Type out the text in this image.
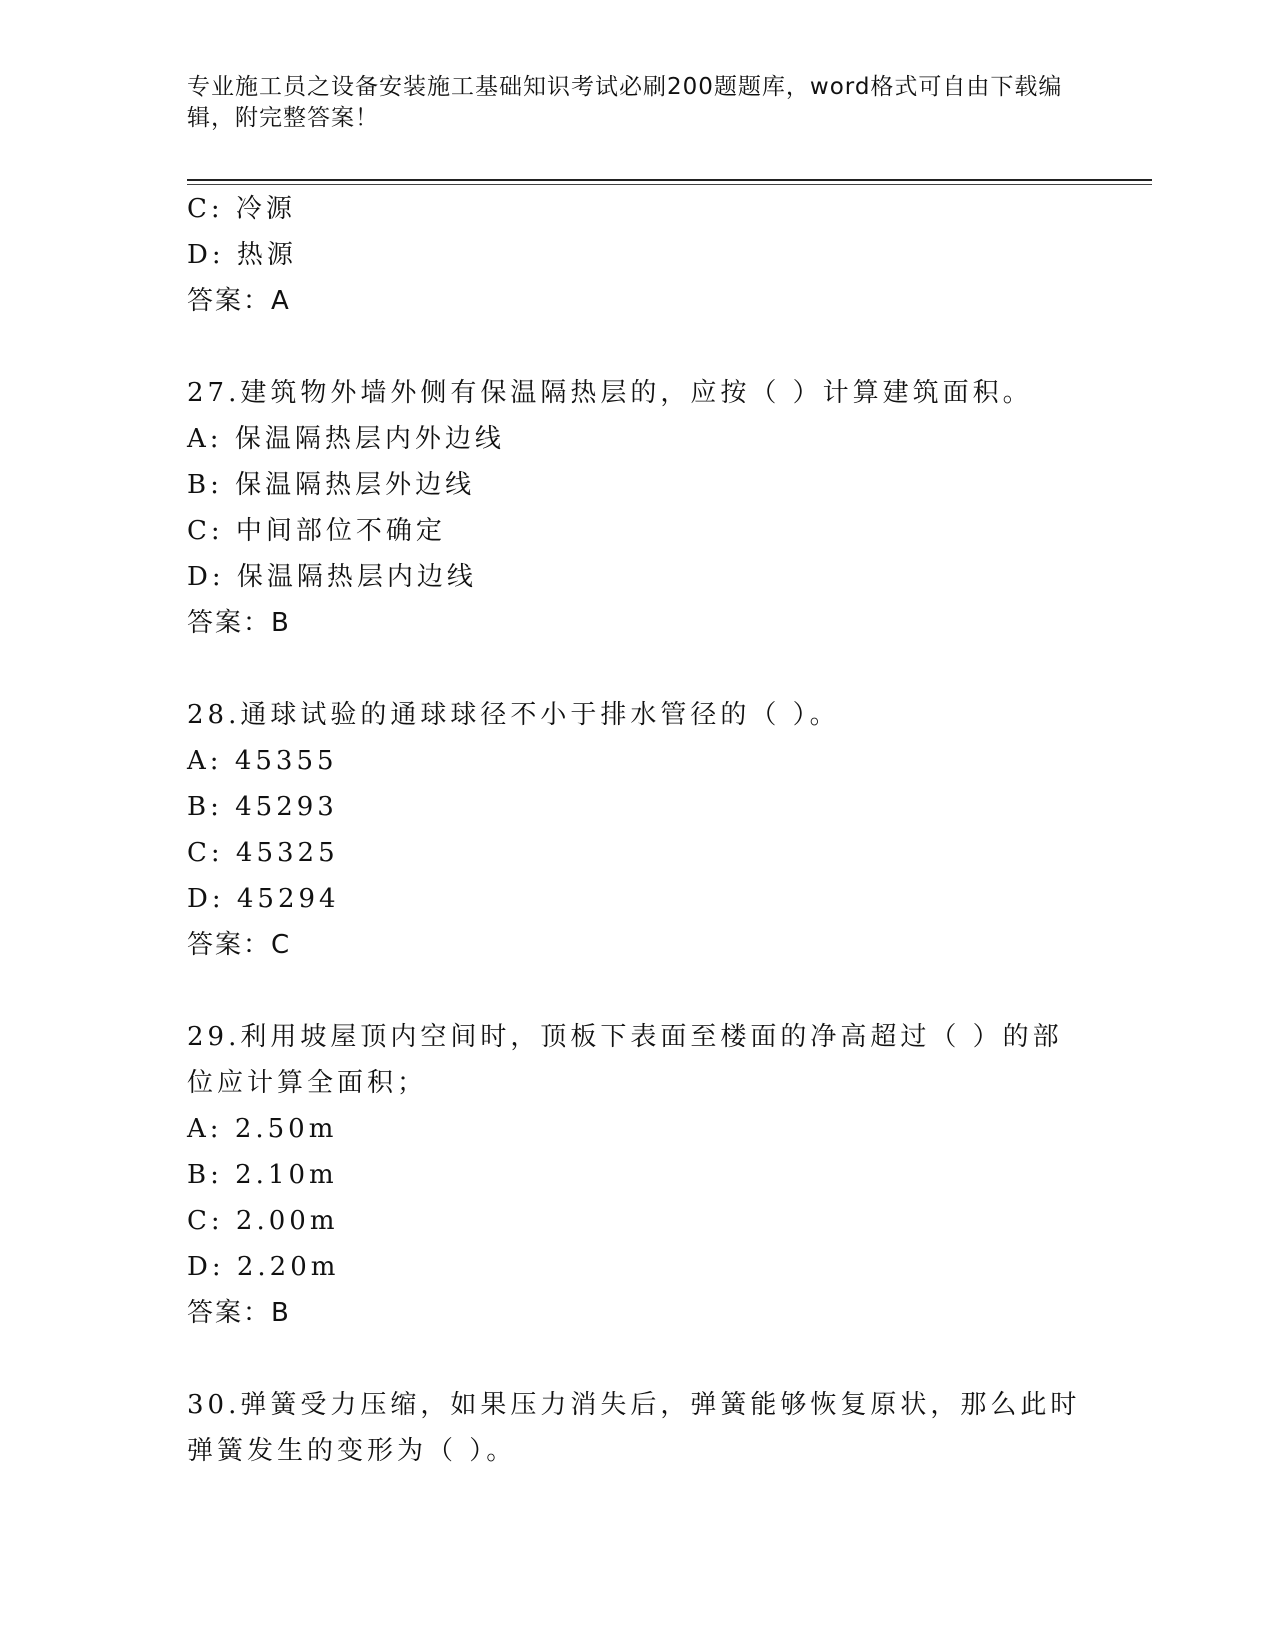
专业施工员之设备安装施工基础知识考试必刷200题题库，word格式可自由下载编辑，附完整答案！
C: 冷源
D: 热源
答案：A
27.建筑物外墙外侧有保温隔热层的，应按（ ）计算建筑面积。
A: 保温隔热层内外边线
B: 保温隔热层外边线
C: 中间部位不确定
D: 保温隔热层内边线
答案：B
28.通球试验的通球球径不小于排水管径的（ ）。
A: 45355
B: 45293
C: 45325
D: 45294
答案：C
29.利用坡屋顶内空间时，顶板下表面至楼面的净高超过（ ）的部位应计算全面积；
A: 2.50m
B: 2.10m
C: 2.00m
D: 2.20m
答案：B
30.弹簧受力压缩，如果压力消失后，弹簧能够恢复原状，那么此时弹簧发生的变形为（ ）。
